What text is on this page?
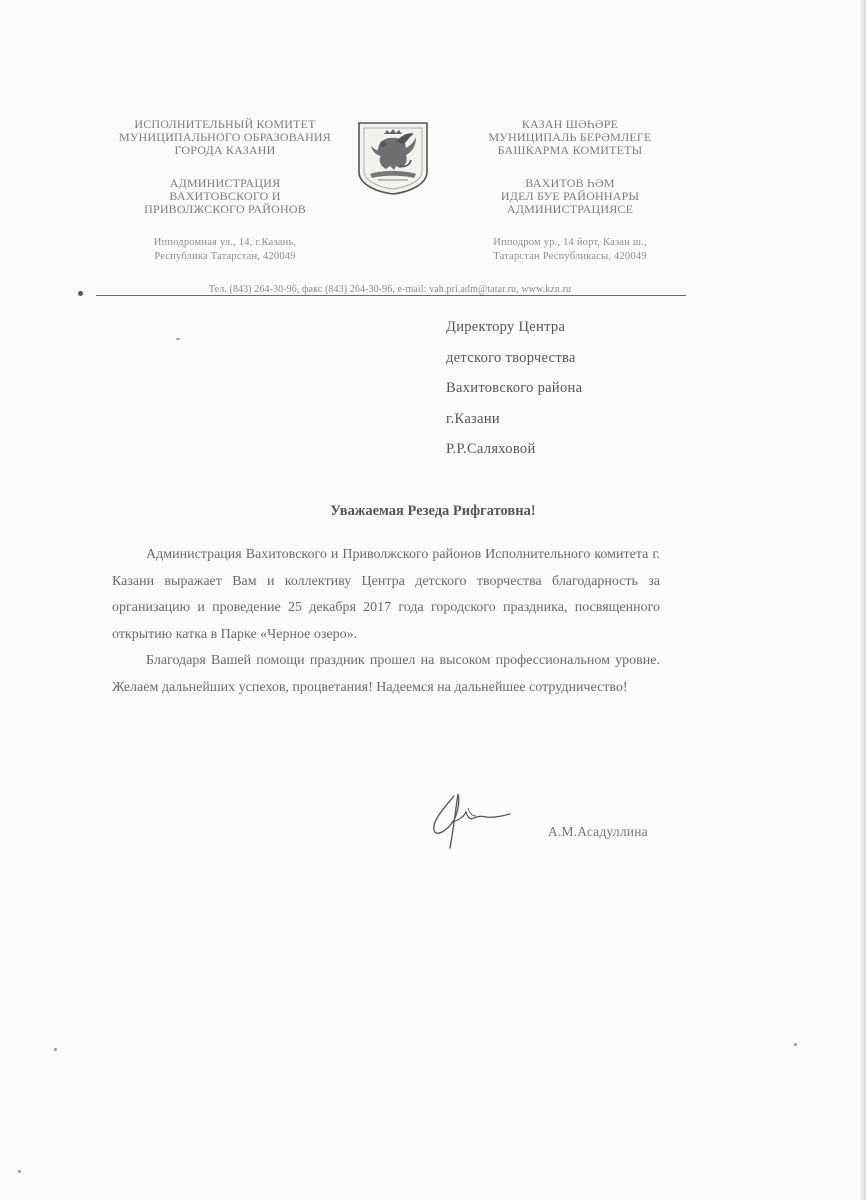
ИСПОЛНИТЕЛЬНЫЙ КОМИТЕТ
МУНИЦИПАЛЬНОГО ОБРАЗОВАНИЯ
ГОРОДА КАЗАНИ
АДМИНИСТРАЦИЯ
ВАХИТОВСКОГО И
ПРИВОЛЖСКОГО РАЙОНОВ
Ипподромная ул., 14, г.Казань,
Республика Татарстан, 420049
КАЗАН ШӘҺӘРЕ
МУНИЦИПАЛЬ БЕРӘМЛЕГЕ
БАШКАРМА КОМИТЕТЫ
ВАХИТОВ ҺӘМ
ИДЕЛ БУЕ РАЙОННАРЫ
АДМИНИСТРАЦИЯСЕ
Ипподром ур., 14 йорт, Казан ш.,
Татарстан Республикасы, 420049
Тел. (843) 264-30-96, факс (843) 264-30-96, e-mail: vah.pri.adm@tatar.ru, www.kzn.ru
Директору Центра
детского творчества
Вахитовского района
г.Казани
Р.Р.Саляховой
Уважаемая Резеда Рифгатовна!

Администрация Вахитовского и Приволжского районов Исполнительного комитета г. Казани выражает Вам и коллективу Центра детского творчества благодарность за организацию и проведение 25 декабря 2017 года городского праздника, посвященного открытию катка в Парке «Черное озеро».

Благодаря Вашей помощи праздник прошел на высоком профессиональном уровне. Желаем дальнейших успехов, процветания! Надеемся на дальнейшее сотрудничество!

А.М.Асадуллина
